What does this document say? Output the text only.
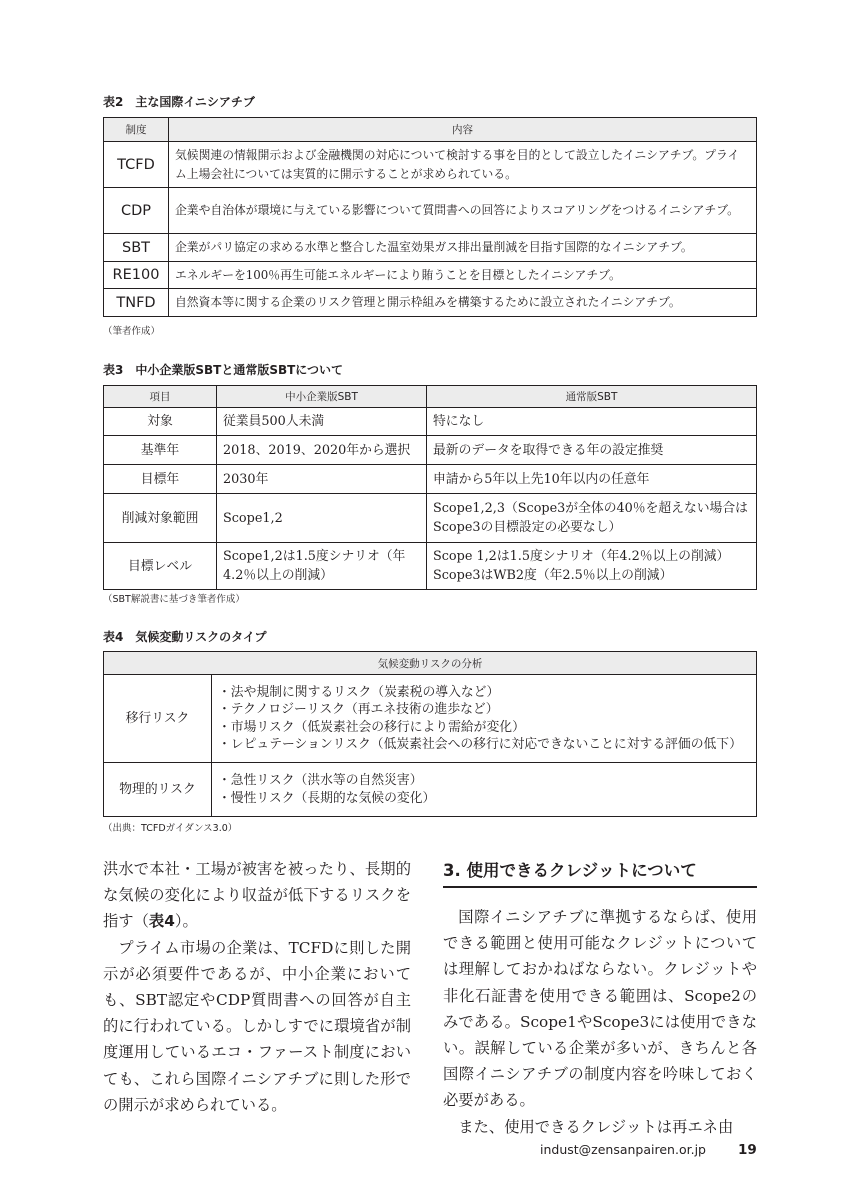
表2　主な国際イニシアチブ
制度	内容
TCFD	気候関連の情報開示および金融機関の対応について検討する事を目的として設立したイニシアチブ。プライム上場会社については実質的に開示することが求められている。
CDP	企業や自治体が環境に与えている影響について質問書への回答によりスコアリングをつけるイニシアチブ。
SBT	企業がパリ協定の求める水準と整合した温室効果ガス排出量削減を目指す国際的なイニシアチブ。
RE100	エネルギーを100％再生可能エネルギーにより賄うことを目標としたイニシアチブ。
TNFD	自然資本等に関する企業のリスク管理と開示枠組みを構築するために設立されたイニシアチブ。
（筆者作成）
表3　中小企業版SBTと通常版SBTについて
項目	中小企業版SBT	通常版SBT
対象	従業員500人未満	特になし
基準年	2018、2019、2020年から選択	最新のデータを取得できる年の設定推奨
目標年	2030年	申請から5年以上先10年以内の任意年
削減対象範囲	Scope1,2	Scope1,2,3（Scope3が全体の40％を超えない場合はScope3の目標設定の必要なし）
目標レベル	Scope1,2は1.5度シナリオ（年4.2％以上の削減）	Scope 1,2は1.5度シナリオ（年4.2％以上の削減）
Scope3はWB2度（年2.5％以上の削減）
（SBT解説書に基づき筆者作成）
表4　気候変動リスクのタイプ
気候変動リスクの分析	
移行リスク	・法や規制に関するリスク（炭素税の導入など）
・テクノロジーリスク（再エネ技術の進歩など）
・市場リスク（低炭素社会の移行により需給が変化）
・レピュテーションリスク（低炭素社会への移行に対応できないことに対する評価の低下）

物理的リスク	・急性リスク（洪水等の自然災害）
・慢性リスク（長期的な気候の変化）
（出典：TCFDガイダンス3.0）

洪水で本社・工場が被害を被ったり、長期的な気候の変化により収益が低下するリスクを指す（表4）。

プライム市場の企業は、TCFDに則した開示が必須要件であるが、中小企業においても、SBT認定やCDP質問書への回答が自主的に行われている。しかしすでに環境省が制度運用しているエコ・ファースト制度においても、これら国際イニシアチブに則した形での開示が求められている。

3. 使用できるクレジットについて

国際イニシアチブに準拠するならば、使用できる範囲と使用可能なクレジットについては理解しておかねばならない。クレジットや非化石証書を使用できる範囲は、Scope2のみである。Scope1やScope3には使用できない。誤解している企業が多いが、きちんと各国際イニシアチブの制度内容を吟味しておく必要がある。

また、使用できるクレジットは再エネ由

indust@zensanpairen.or.jp 19
